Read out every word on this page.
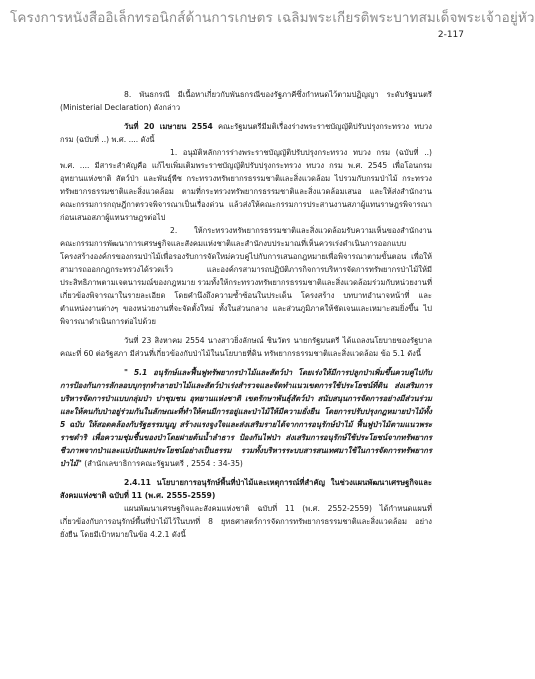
โครงการหนังสืออิเล็กทรอนิกส์ด้านการเกษตร เฉลิมพระเกียรติพระบาทสมเด็จพระเจ้าอยู่หัว
2-117

8. พันธกรณี มีเนื้อหาเกี่ยวกับพันธกรณีของรัฐภาคีซึ่งกำหนดไว้ตามปฏิญญา ระดับรัฐมนตรี (Ministerial Declaration) ดังกล่าว

วันที่ 20 เมษายน 2554 คณะรัฐมนตรีมีมติเรื่องร่างพระราชบัญญัติปรับปรุงกระทรวง ทบวง กรม (ฉบับที่ ..) พ.ศ. .... ดังนี้

1. อนุมัติหลักการร่างพระราชบัญญัติปรับปรุงกระทรวง ทบวง กรม (ฉบับที่ ..) พ.ศ. .... มีสาระสำคัญคือ แก้ไขเพิ่มเติมพระราชบัญญัติปรับปรุงกระทรวง ทบวง กรม พ.ศ. 2545 เพื่อโอนกรมอุทยานแห่งชาติ สัตว์ป่า และพันธุ์พืช กระทรวงทรัพยากรธรรมชาติและสิ่งแวดล้อม ไปรวมกับกรมป่าไม้ กระทรวงทรัพยากรธรรมชาติและสิ่งแวดล้อม ตามที่กระทรวงทรัพยากรธรรมชาติและสิ่งแวดล้อมเสนอ และให้ส่งสำนักงานคณะกรรมการกฤษฎีกาตรวจพิจารณาเป็นเรื่องด่วน แล้วส่งให้คณะกรรมการประสานงานสภาผู้แทนราษฎรพิจารณา ก่อนเสนอสภาผู้แทนราษฎรต่อไป

2. ให้กระทรวงทรัพยากรธรรมชาติและสิ่งแวดล้อมรับความเห็นของสำนักงานคณะกรรมการพัฒนาการเศรษฐกิจและสังคมแห่งชาติและสำนักงบประมาณที่เห็นควรเร่งดำเนินการออกแบบโครงสร้างองค์กรของกรมป่าไม้เพื่อรองรับการจัดใหม่ควบคู่ไปกับการเสนอกฎหมายเพื่อพิจารณาตามขั้นตอน เพื่อให้สามารถออกกฎกระทรวงได้รวดเร็ว และองค์กรสามารถปฏิบัติภารกิจการบริหารจัดการทรัพยากรป่าไม้ให้มีประสิทธิภาพตามเจตนารมณ์ของกฎหมาย รวมทั้งให้กระทรวงทรัพยากรธรรมชาติและสิ่งแวดล้อมร่วมกับหน่วยงานที่เกี่ยวข้องพิจารณาในรายละเอียด โดยคำนึงถึงความซ้ำซ้อนในประเด็น โครงสร้าง บทบาทอำนาจหน้าที่ และตำแหน่งงานต่างๆ ของหน่วยงานที่จะจัดตั้งใหม่ ทั้งในส่วนกลาง และส่วนภูมิภาคให้ชัดเจนและเหมาะสมยิ่งขึ้น ไปพิจารณาดำเนินการต่อไปด้วย

วันที่ 23 สิงหาคม 2554 นางสาวยิ่งลักษณ์ ชินวัตร นายกรัฐมนตรี ได้แถลงนโยบายของรัฐบาลคณะที่ 60 ต่อรัฐสภา มีส่วนที่เกี่ยวข้องกับป่าไม้ในนโยบายที่ดิน ทรัพยากรธรรมชาติและสิ่งแวดล้อม ข้อ 5.1 ดังนี้

" 5.1 อนุรักษ์และฟื้นฟูทรัพยากรป่าไม้และสัตว์ป่า โดยเร่งให้มีการปลูกป่าเพิ่มขึ้นควบคู่ไปกับการป้องกันการลักลอบบุกรุกทำลายป่าไม้และสัตว์ป่าเร่งสำรวจและจัดทำแนวเขตการใช้ประโยชน์ที่ดิน ส่งเสริมการบริหารจัดการป่าแบบกลุ่มป่า ปาชุมชน อุทยานแห่งชาติ เขตรักษาพันธุ์สัตว์ป่า สนับสนุนการจัดการอย่างมีส่วนร่วม และให้คนกับป่าอยู่ร่วมกันในลักษณะที่ทำให้คนมีการอยู่และป่าไม้ให้มีความยั่งยืน โดยการปรับปรุงกฎหมายป่าไม้ทั้ง 5 ฉบับ ให้สอดคล้องกับรัฐธรรมนูญ สร้างแรงจูงใจและส่งเสริมรายได้จากการอนุรักษ์ป่าไม้ ฟื้นฟูป่าไม้ตามแนวพระราชดำริ เพื่อความชุ่มชื้นของป่าโดยฝายต้นน้ำลำธาร ป้องกันไฟป่า ส่งเสริมการอนุรักษ์ใช้ประโยชน์จากทรัพยากรชีวภาพจากป่าและแบ่งปันผลประโยชน์อย่างเป็นธรรม รวมทั้งบริหารระบบสารสนเทศมาใช้ในการจัดการทรัพยากรป่าไม้" (สำนักเลขาธิการคณะรัฐมนตรี , 2554 : 34-35)

2.4.11 นโยบายการอนุรักษ์พื้นที่ป่าไม้และเหตุการณ์ที่สำคัญ ในช่วงแผนพัฒนาเศรษฐกิจและสังคมแห่งชาติ ฉบับที่ 11 (พ.ศ. 2555-2559)

แผนพัฒนาเศรษฐกิจและสังคมแห่งชาติ ฉบับที่ 11 (พ.ศ. 2552-2559) ได้กำหนดแผนที่เกี่ยวข้องกับการอนุรักษ์พื้นที่ป่าไม้ไว้ในบทที่ 8 ยุทธศาสตร์การจัดการทรัพยากรธรรมชาติและสิ่งแวดล้อม อย่างยั่งยืน โดยมีเป้าหมายในข้อ 4.2.1 ดังนี้
